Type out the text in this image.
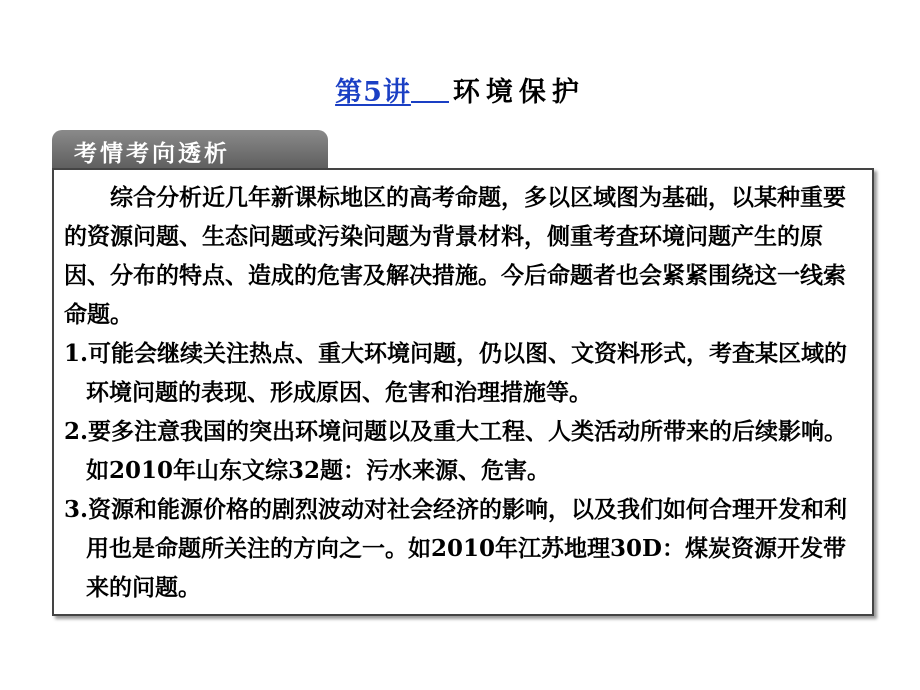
第5讲 环境保护
考情考向透析

综合分析近几年新课标地区的高考命题，多以区域图为基础，以某种重要的资源问题、生态问题或污染问题为背景材料，侧重考查环境问题产生的原因、分布的特点、造成的危害及解决措施。今后命题者也会紧紧围绕这一线索命题。

1.可能会继续关注热点、重大环境问题，仍以图、文资料形式，考查某区域的环境问题的表现、形成原因、危害和治理措施等。

2.要多注意我国的突出环境问题以及重大工程、人类活动所带来的后续影响。如2010年山东文综32题：污水来源、危害。

3.资源和能源价格的剧烈波动对社会经济的影响，以及我们如何合理开发和利用也是命题所关注的方向之一。如2010年江苏地理30D：煤炭资源开发带来的问题。
